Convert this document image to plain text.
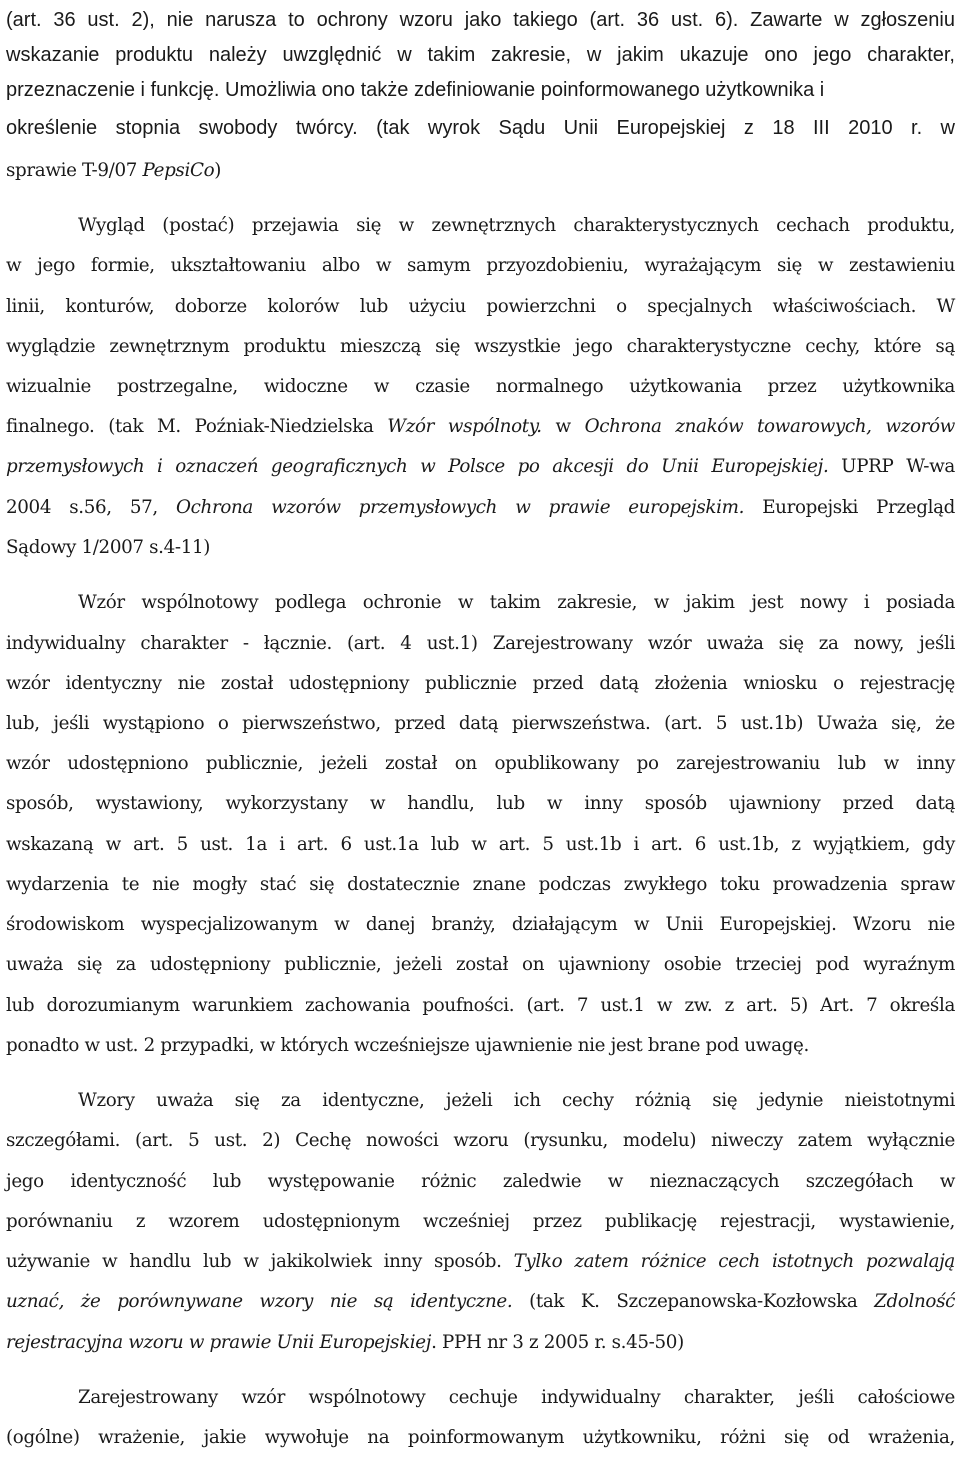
(art. 36 ust. 2), nie narusza to ochrony wzoru jako takiego (art. 36 ust. 6). Zawarte w zgłoszeniu
wskazanie produktu należy uwzględnić w takim zakresie, w jakim ukazuje ono jego charakter,
przeznaczenie i funkcję. Umożliwia ono także zdefiniowanie poinformowanego użytkownika i
określenie stopnia swobody twórcy. (tak wyrok Sądu Unii Europejskiej z 18 III 2010 r. w
sprawie T-9/07 PepsiCo)
Wygląd (postać) przejawia się w zewnętrznych charakterystycznych cechach produktu,
w jego formie, ukształtowaniu albo w samym przyozdobieniu, wyrażającym się w zestawieniu
linii, konturów, doborze kolorów lub użyciu powierzchni o specjalnych właściwościach. W
wyglądzie zewnętrznym produktu mieszczą się wszystkie jego charakterystyczne cechy, które są
wizualnie postrzegalne, widoczne w czasie normalnego użytkowania przez użytkownika
finalnego. (tak M. Poźniak-Niedzielska Wzór wspólnoty. w Ochrona znaków towarowych, wzorów
przemysłowych i oznaczeń geograficznych w Polsce po akcesji do Unii Europejskiej. UPRP W-wa
2004 s.56, 57, Ochrona wzorów przemysłowych w prawie europejskim. Europejski Przegląd
Sądowy 1/2007 s.4-11)
Wzór wspólnotowy podlega ochronie w takim zakresie, w jakim jest nowy i posiada
indywidualny charakter - łącznie. (art. 4 ust.1) Zarejestrowany wzór uważa się za nowy, jeśli
wzór identyczny nie został udostępniony publicznie przed datą złożenia wniosku o rejestrację
lub, jeśli wystąpiono o pierwszeństwo, przed datą pierwszeństwa. (art. 5 ust.1b) Uważa się, że
wzór udostępniono publicznie, jeżeli został on opublikowany po zarejestrowaniu lub w inny
sposób, wystawiony, wykorzystany w handlu, lub w inny sposób ujawniony przed datą
wskazaną w art. 5 ust. 1a i art. 6 ust.1a lub w art. 5 ust.1b i art. 6 ust.1b, z wyjątkiem, gdy
wydarzenia te nie mogły stać się dostatecznie znane podczas zwykłego toku prowadzenia spraw
środowiskom wyspecjalizowanym w danej branży, działającym w Unii Europejskiej. Wzoru nie
uważa się za udostępniony publicznie, jeżeli został on ujawniony osobie trzeciej pod wyraźnym
lub dorozumianym warunkiem zachowania poufności. (art. 7 ust.1 w zw. z art. 5) Art. 7 określa
ponadto w ust. 2 przypadki, w których wcześniejsze ujawnienie nie jest brane pod uwagę.
Wzory uważa się za identyczne, jeżeli ich cechy różnią się jedynie nieistotnymi
szczegółami. (art. 5 ust. 2) Cechę nowości wzoru (rysunku, modelu) niweczy zatem wyłącznie
jego identyczność lub występowanie różnic zaledwie w nieznaczących szczegółach w
porównaniu z wzorem udostępnionym wcześniej przez publikację rejestracji, wystawienie,
używanie w handlu lub w jakikolwiek inny sposób. Tylko zatem różnice cech istotnych pozwalają
uznać, że porównywane wzory nie są identyczne. (tak K. Szczepanowska-Kozłowska Zdolność
rejestracyjna wzoru w prawie Unii Europejskiej. PPH nr 3 z 2005 r. s.45-50)
Zarejestrowany wzór wspólnotowy cechuje indywidualny charakter, jeśli całościowe
(ogólne) wrażenie, jakie wywołuje na poinformowanym użytkowniku, różni się od wrażenia,
